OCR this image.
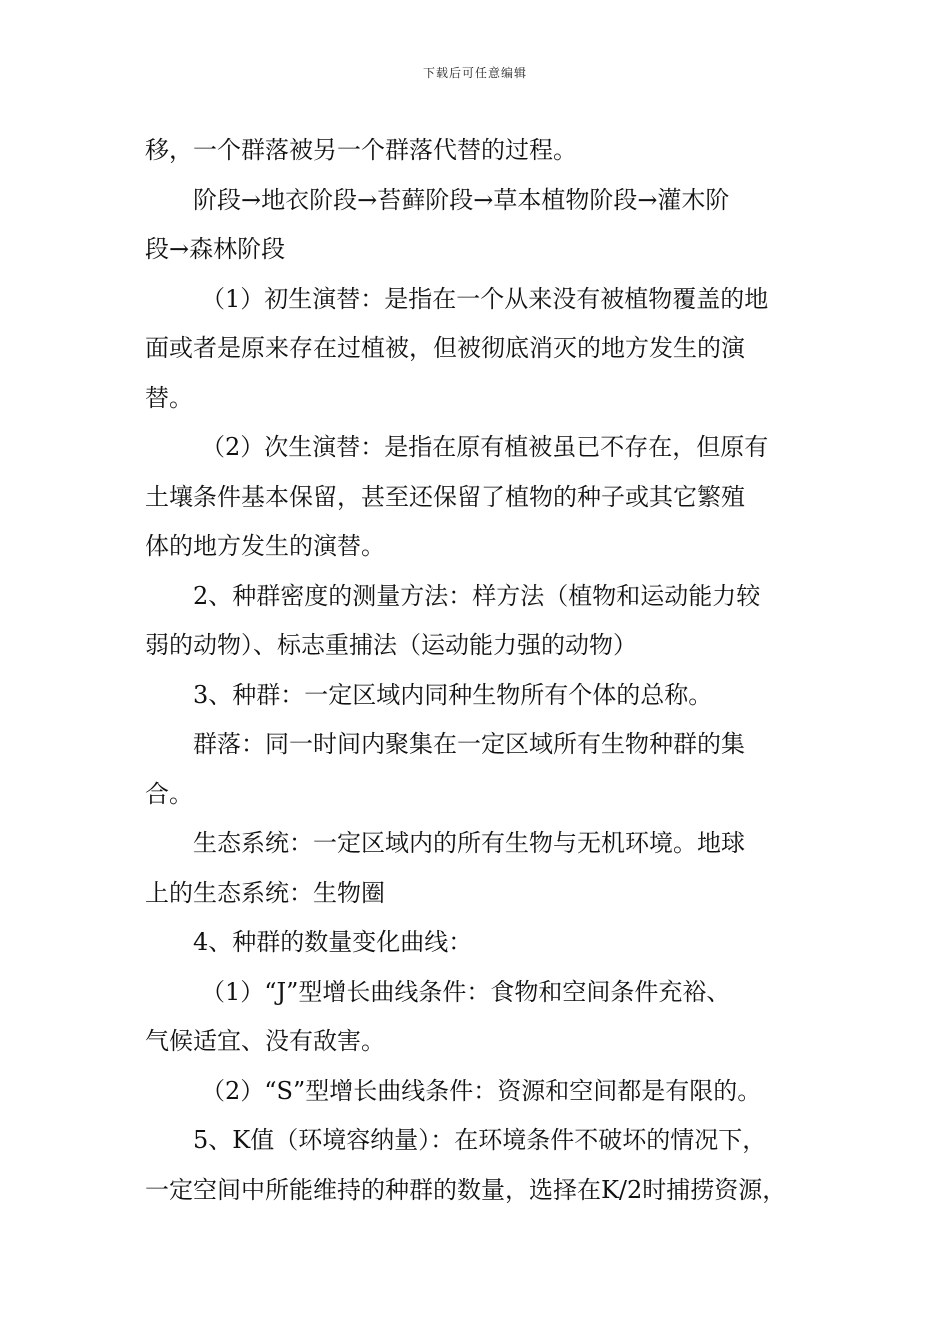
下载后可任意编辑

移，一个群落被另一个群落代替的过程。

阶段→地衣阶段→苔藓阶段→草本植物阶段→灌木阶

段→森林阶段

（1）初生演替：是指在一个从来没有被植物覆盖的地

面或者是原来存在过植被，但被彻底消灭的地方发生的演

替。

（2）次生演替：是指在原有植被虽已不存在，但原有

土壤条件基本保留，甚至还保留了植物的种子或其它繁殖

体的地方发生的演替。

2、种群密度的测量方法：样方法（植物和运动能力较

弱的动物）、标志重捕法（运动能力强的动物）

3、种群：一定区域内同种生物所有个体的总称。

群落：同一时间内聚集在一定区域所有生物种群的集

合。

生态系统：一定区域内的所有生物与无机环境。地球

上的生态系统：生物圈

4、种群的数量变化曲线：

（1）“J”型增长曲线条件：食物和空间条件充裕、

气候适宜、没有敌害。

（2）“S”型增长曲线条件：资源和空间都是有限的。

5、K值（环境容纳量）：在环境条件不破坏的情况下，

一定空间中所能维持的种群的数量，选择在K/2时捕捞资源，
